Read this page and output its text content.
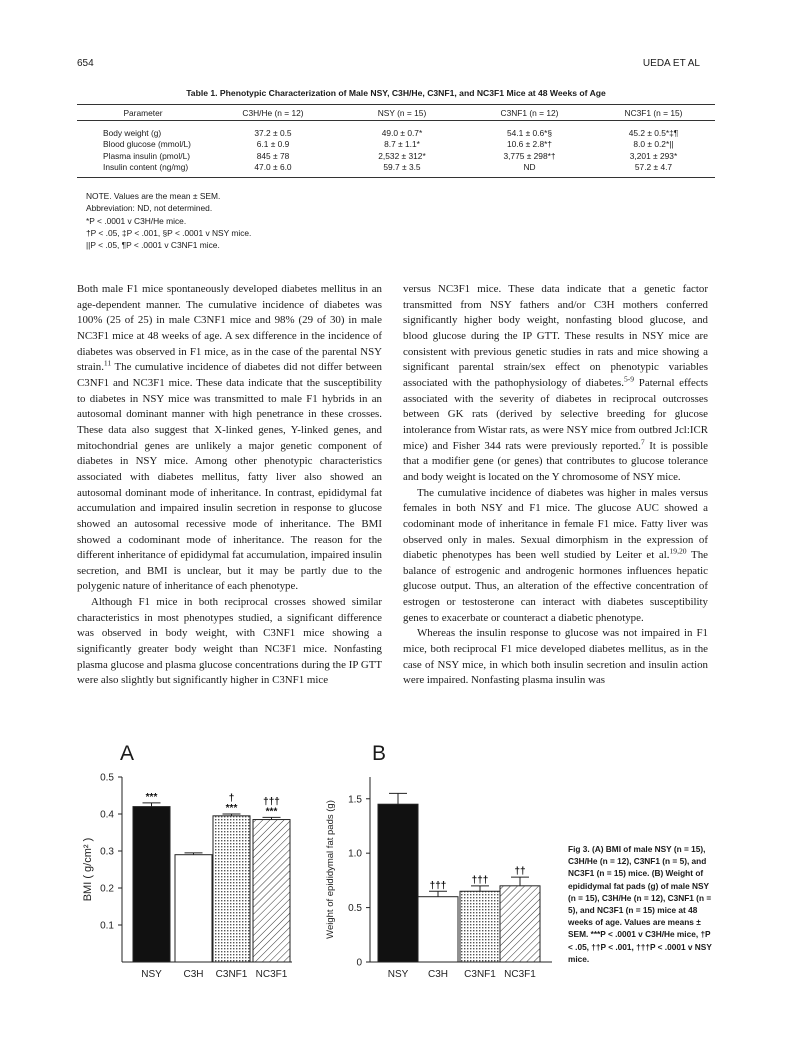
654	UEDA ET AL
Table 1. Phenotypic Characterization of Male NSY, C3H/He, C3NF1, and NC3F1 Mice at 48 Weeks of Age
Parameter	C3H/He (n = 12)	NSY (n = 15)	C3NF1 (n = 12)	NC3F1 (n = 15)
Body weight (g)	37.2 ± 0.5	49.0 ± 0.7*	54.1 ± 0.6*§	45.2 ± 0.5*‡¶
Blood glucose (mmol/L)	6.1 ± 0.9	8.7 ± 1.1*	10.6 ± 2.8*†	8.0 ± 0.2*||
Plasma insulin (pmol/L)	845 ± 78	2,532 ± 312*	3,775 ± 298*†	3,201 ± 293*
Insulin content (ng/mg)	47.0 ± 6.0	59.7 ± 3.5	ND	57.2 ± 4.7
NOTE. Values are the mean ± SEM.
Abbreviation: ND, not determined.
*P < .0001 v C3H/He mice.
†P < .05, ‡P < .001, §P < .0001 v NSY mice.
||P < .05, ¶P < .0001 v C3NF1 mice.

Both male F1 mice spontaneously developed diabetes mellitus in an age-dependent manner. The cumulative incidence of diabetes was 100% (25 of 25) in male C3NF1 mice and 98% (29 of 30) in male NC3F1 mice at 48 weeks of age. A sex difference in the incidence of diabetes was observed in F1 mice, as in the case of the parental NSY strain.$^{11}$ The cumulative incidence of diabetes did not differ between C3NF1 and NC3F1 mice. These data indicate that the susceptibility to diabetes in NSY mice was transmitted to male F1 hybrids in an autosomal dominant manner with high penetrance in these crosses. These data also suggest that X-linked genes, Y-linked genes, and mitochondrial genes are unlikely a major genetic component of diabetes in NSY mice. Among other phenotypic characteristics associated with diabetes mellitus, fatty liver also showed an autosomal dominant mode of inheritance. In contrast, epididymal fat accumulation and impaired insulin secretion in response to glucose showed an autosomal recessive mode of inheritance. The BMI showed a codominant mode of inheritance. The reason for the different inheritance of epididymal fat accumulation, impaired insulin secretion, and BMI is unclear, but it may be partly due to the polygenic nature of inheritance of each phenotype.

Although F1 mice in both reciprocal crosses showed similar characteristics in most phenotypes studied, a significant difference was observed in body weight, with C3NF1 mice showing a significantly greater body weight than NC3F1 mice. Nonfasting plasma glucose and plasma glucose concentrations during the IP GTT were also slightly but significantly higher in C3NF1 mice

versus NC3F1 mice. These data indicate that a genetic factor transmitted from NSY fathers and/or C3H mothers conferred significantly higher body weight, nonfasting blood glucose, and blood glucose during the IP GTT. These results in NSY mice are consistent with previous genetic studies in rats and mice showing a significant parental strain/sex effect on phenotypic variables associated with the pathophysiology of diabetes.$^{5-9}$ Paternal effects associated with the severity of diabetes in reciprocal outcrosses between GK rats (derived by selective breeding for glucose intolerance from Wistar rats, as were NSY mice from outbred Jcl:ICR mice) and Fisher 344 rats were previously reported.$^7$ It is possible that a modifier gene (or genes) that contributes to glucose tolerance and body weight is located on the Y chromosome of NSY mice.

The cumulative incidence of diabetes was higher in males versus females in both NSY and F1 mice. The glucose AUC showed a codominant mode of inheritance in female F1 mice. Fatty liver was observed only in males. Sexual dimorphism in the expression of diabetic phenotypes has been well studied by Leiter et al.$^{19,20}$ The balance of estrogenic and androgenic hormones influences hepatic glucose output. Thus, an alteration of the effective concentration of estrogen or testosterone can interact with diabetes susceptibility genes to exacerbate or counteract a diabetic phenotype.

Whereas the insulin response to glucose was not impaired in F1 mice, both reciprocal F1 mice developed diabetes mellitus, as in the case of NSY mice, in which both insulin secretion and insulin action were impaired. Nonfasting plasma insulin was

A	B
0.1
0.2
0.3
0.4
0.5
BMI ( g/cm² )
NSY
***
C3H C3NF1
†
***
NC3F1
†††
***
0
0.5
1.0
1.5
Weight of epididymal fat pads (g)
NSY C3H
†††
C3NF1
†††
NC3F1
††
Fig 3. (A) BMI of male NSY (n = 15), C3H/He (n = 12), C3NF1 (n = 5), and NC3F1 (n = 15) mice. (B) Weight of epididymal fat pads (g) of male NSY (n = 15), C3H/He (n = 12), C3NF1 (n = 5), and NC3F1 (n = 15) mice at 48 weeks of age. Values are means ± SEM. ***P < .0001 v C3H/He mice, †P < .05, ††P < .001, †††P < .0001 v NSY mice.
